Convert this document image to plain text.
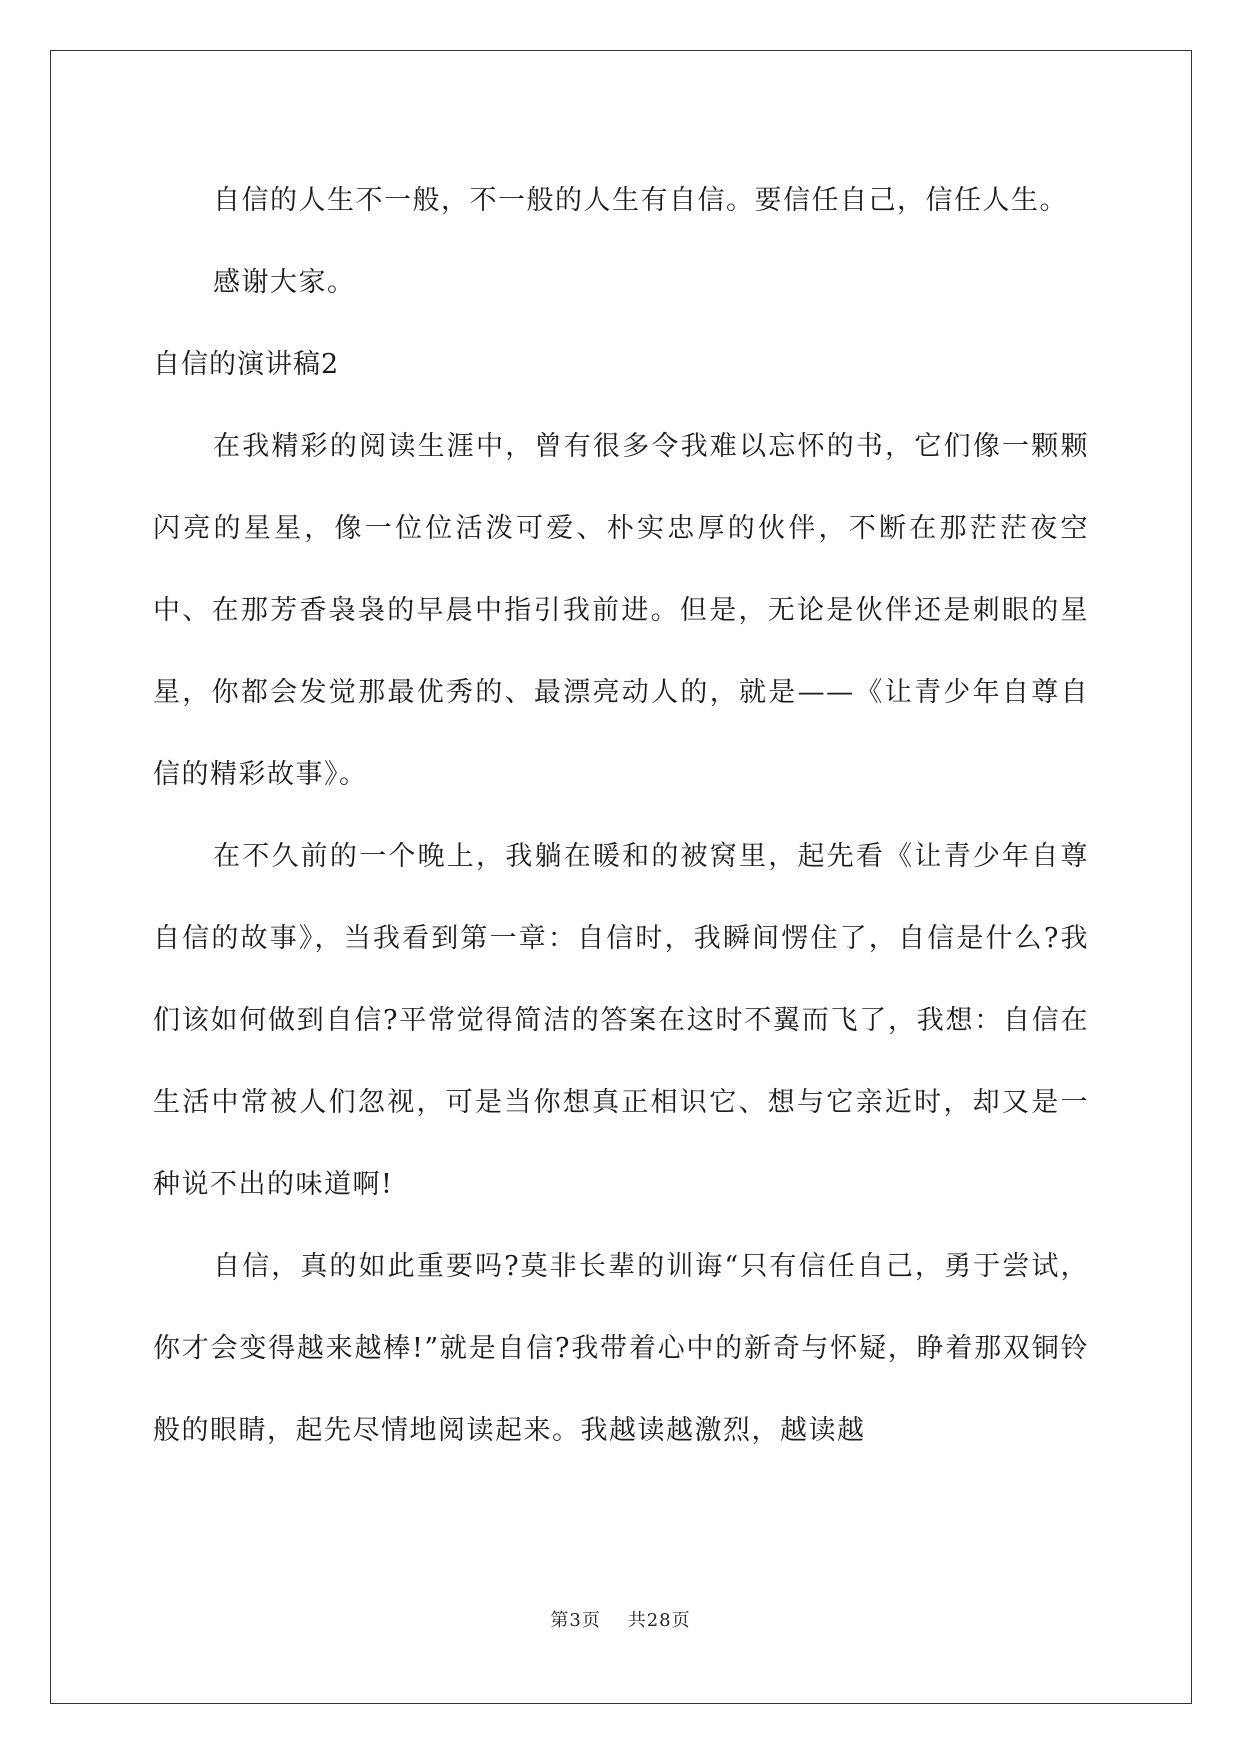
自信的人生不一般，不一般的人生有自信。要信任自己，信任人生。

感谢大家。

自信的演讲稿2

在我精彩的阅读生涯中，曾有很多令我难以忘怀的书，它们像一颗颗闪亮的星星，像一位位活泼可爱、朴实忠厚的伙伴，不断在那茫茫夜空中、在那芳香袅袅的早晨中指引我前进。但是，无论是伙伴还是刺眼的星星，你都会发觉那最优秀的、最漂亮动人的，就是——《让青少年自尊自信的精彩故事》。

在不久前的一个晚上，我躺在暖和的被窝里，起先看《让青少年自尊自信的故事》，当我看到第一章：自信时，我瞬间愣住了，自信是什么?我们该如何做到自信?平常觉得简洁的答案在这时不翼而飞了，我想：自信在生活中常被人们忽视，可是当你想真正相识它、想与它亲近时，却又是一种说不出的味道啊!

自信，真的如此重要吗?莫非长辈的训诲“只有信任自己，勇于尝试，你才会变得越来越棒!”就是自信?我带着心中的新奇与怀疑，睁着那双铜铃般的眼睛，起先尽情地阅读起来。我越读越激烈，越读越

第3页 共28页
